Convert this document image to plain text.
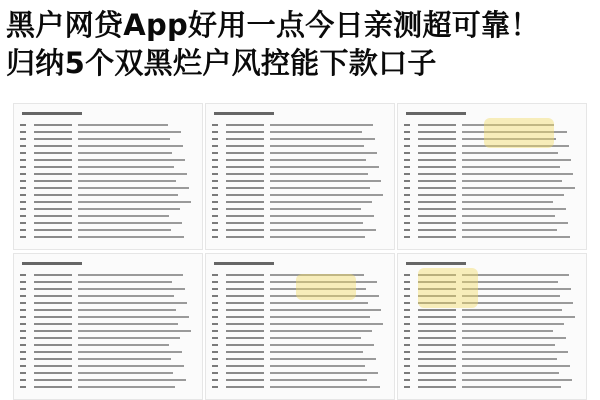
黑户网贷App好用一点今日亲测超可靠！
归纳5个双黑烂户风控能下款口子
